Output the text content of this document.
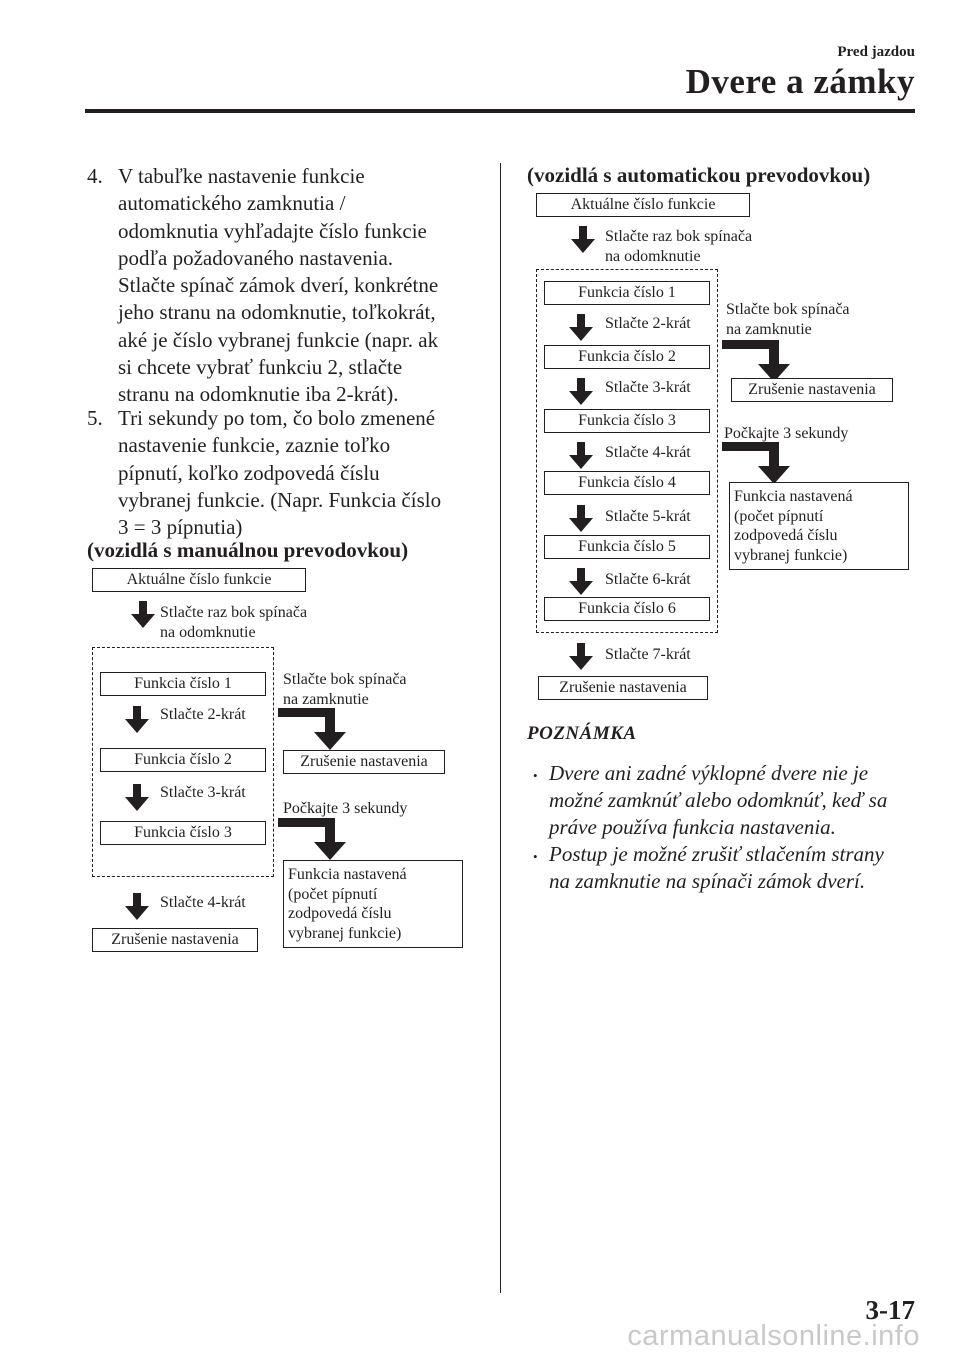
Pred jazdou
Dvere a zámky
4. V tabuľke nastavenie funkcie
automatického zamknutia /
odomknutia vyhľadajte číslo funkcie
podľa požadovaného nastavenia.
Stlačte spínač zámok dverí, konkrétne
jeho stranu na odomknutie, toľkokrát,
aké je číslo vybranej funkcie (napr. ak
si chcete vybrať funkciu 2, stlačte
stranu na odomknutie iba 2-krát).
5. Tri sekundy po tom, čo bolo zmenené
nastavenie funkcie, zaznie toľko
pípnutí, koľko zodpovedá číslu
vybranej funkcie. (Napr. Funkcia číslo
3 = 3 pípnutia)
(vozidlá s manuálnou prevodovkou)
Aktuálne číslo funkcie
Stlačte raz bok spínača
na odomknutie
Funkcia číslo 1
Stlačte 2-krát
Funkcia číslo 2
Stlačte 3-krát
Funkcia číslo 3
Stlačte 4-krát
Zrušenie nastavenia
Stlačte bok spínača
na zamknutie
Zrušenie nastavenia
Počkajte 3 sekundy
Funkcia nastavená
(počet pípnutí
zodpovedá číslu
vybranej funkcie)
(vozidlá s automatickou prevodovkou)
Aktuálne číslo funkcie
Stlačte raz bok spínača
na odomknutie
Funkcia číslo 1
Stlačte 2-krát
Funkcia číslo 2
Stlačte 3-krát
Funkcia číslo 3
Stlačte 4-krát
Funkcia číslo 4
Stlačte 5-krát
Funkcia číslo 5
Stlačte 6-krát
Funkcia číslo 6
Stlačte 7-krát
Zrušenie nastavenia
Stlačte bok spínača
na zamknutie
Zrušenie nastavenia
Počkajte 3 sekundy
Funkcia nastavená
(počet pípnutí
zodpovedá číslu
vybranej funkcie)
POZNÁMKA
• Dvere ani zadné výklopné dvere nie je
možné zamknúť alebo odomknúť, keď sa
práve používa funkcia nastavenia.
• Postup je možné zrušiť stlačením strany
na zamknutie na spínači zámok dverí.
3-17
carmanualsonline.info
